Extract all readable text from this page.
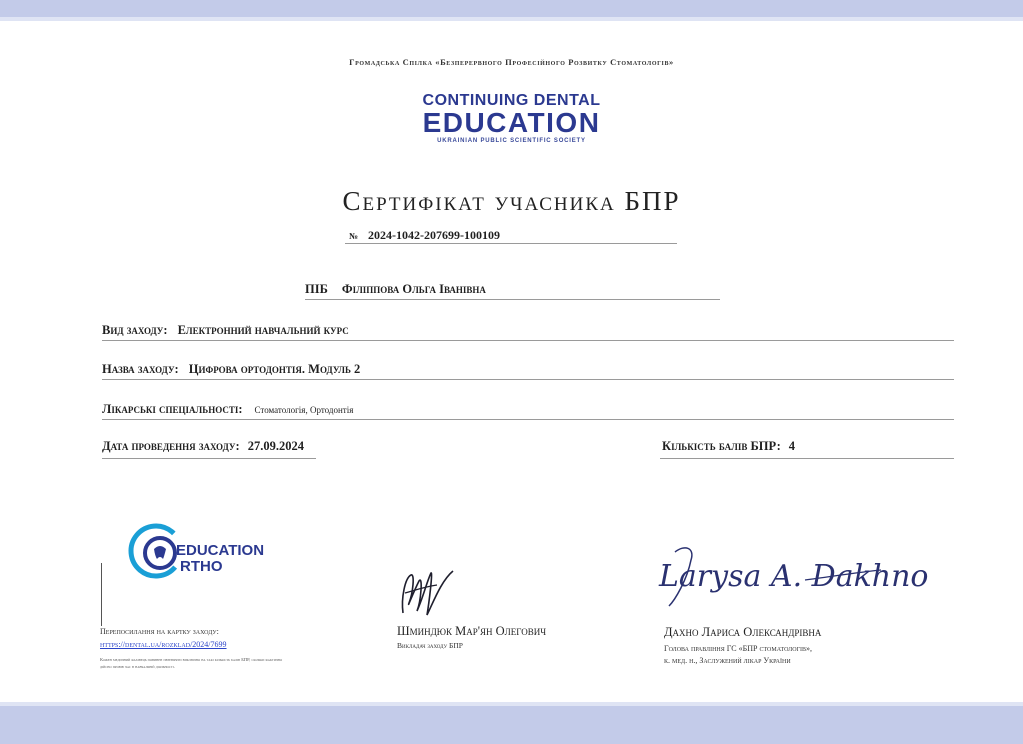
Громадська Спілка «Безперервного Професійного Розвитку Стоматологів»
CONTINUING DENTAL
EDUCATION
UKRAINIAN PUBLIC SCIENTIFIC SOCIETY
Сертифікат учасника БПР
№ 2024-1042-207699-100109
ПІБ Філіппова Ольга Іванівна
Вид заходу: Електронний навчальний курс
Назва заходу: Цифрова ортодонтія. Модуль 2
Лікарські спеціальності: Стоматологія, Ортодонтія
Дата проведення заходу: 27.09.2024	Кількість балів БПР: 4
EDUCATION
RTHO
Перепосилання на картку заходу:
https://dental.ua/rozklad/2024/7699
Кожен медичний фахівець повинен перевіряти виключно на такі кількість балів БПР, скільки фактично дійсно провів час в навчальній діяльності.
Шминдюк Мар'ян Олегович
Викладач заходу БПР
Larysa A. Dakhno
Дахно Лариса Олександрівна
Голова правління ГС «БПР стоматологів»,
к. мед. н., Заслужений лікар України
